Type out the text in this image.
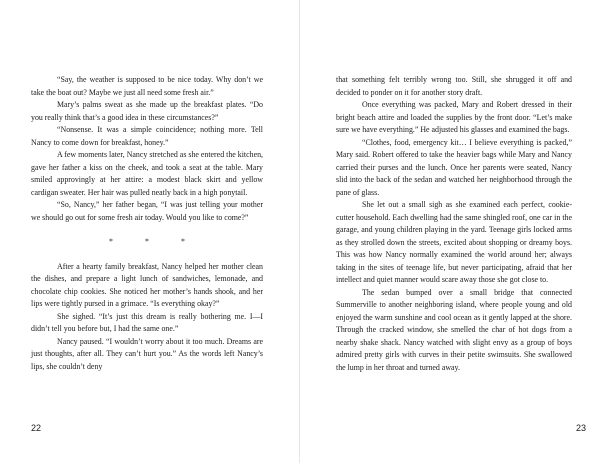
“Say, the weather is supposed to be nice today. Why don’t we take the boat out? Maybe we just all need some fresh air.”

Mary’s palms sweat as she made up the breakfast plates. “Do you really think that’s a good idea in these circumstances?”

“Nonsense. It was a simple coincidence; nothing more. Tell Nancy to come down for breakfast, honey.”

A few moments later, Nancy stretched as she entered the kitchen, gave her father a kiss on the cheek, and took a seat at the table. Mary smiled approvingly at her attire: a modest black skirt and yellow cardigan sweater. Her hair was pulled neatly back in a high ponytail.

“So, Nancy,” her father began, “I was just telling your mother we should go out for some fresh air today. Would you like to come?”

*	*	*

After a hearty family breakfast, Nancy helped her mother clean the dishes, and prepare a light lunch of sandwiches, lemonade, and chocolate chip cookies. She noticed her mother’s hands shook, and her lips were tightly pursed in a grimace. “Is everything okay?”

She sighed. “It’s just this dream is really bothering me. I—I didn’t tell you before but, I had the same one.”

Nancy paused. “I wouldn’t worry about it too much. Dreams are just thoughts, after all. They can’t hurt you.” As the words left Nancy’s lips, she couldn’t deny

22

that something felt terribly wrong too. Still, she shrugged it off and decided to ponder on it for another story draft.

Once everything was packed, Mary and Robert dressed in their bright beach attire and loaded the supplies by the front door. “Let’s make sure we have everything.” He adjusted his glasses and examined the bags.

“Clothes, food, emergency kit… I believe everything is packed,” Mary said. Robert offered to take the heavier bags while Mary and Nancy carried their purses and the lunch. Once her parents were seated, Nancy slid into the back of the sedan and watched her neighborhood through the pane of glass.

She let out a small sigh as she examined each perfect, cookie-cutter household. Each dwelling had the same shingled roof, one car in the garage, and young children playing in the yard. Teenage girls locked arms as they strolled down the streets, excited about shopping or dreamy boys. This was how Nancy normally examined the world around her; always taking in the sites of teenage life, but never participating, afraid that her intellect and quiet manner would scare away those she got close to.

The sedan bumped over a small bridge that connected Summerville to another neighboring island, where people young and old enjoyed the warm sunshine and cool ocean as it gently lapped at the shore. Through the cracked window, she smelled the char of hot dogs from a nearby shake shack. Nancy watched with slight envy as a group of boys admired pretty girls with curves in their petite swimsuits. She swallowed the lump in her throat and turned away.

23
